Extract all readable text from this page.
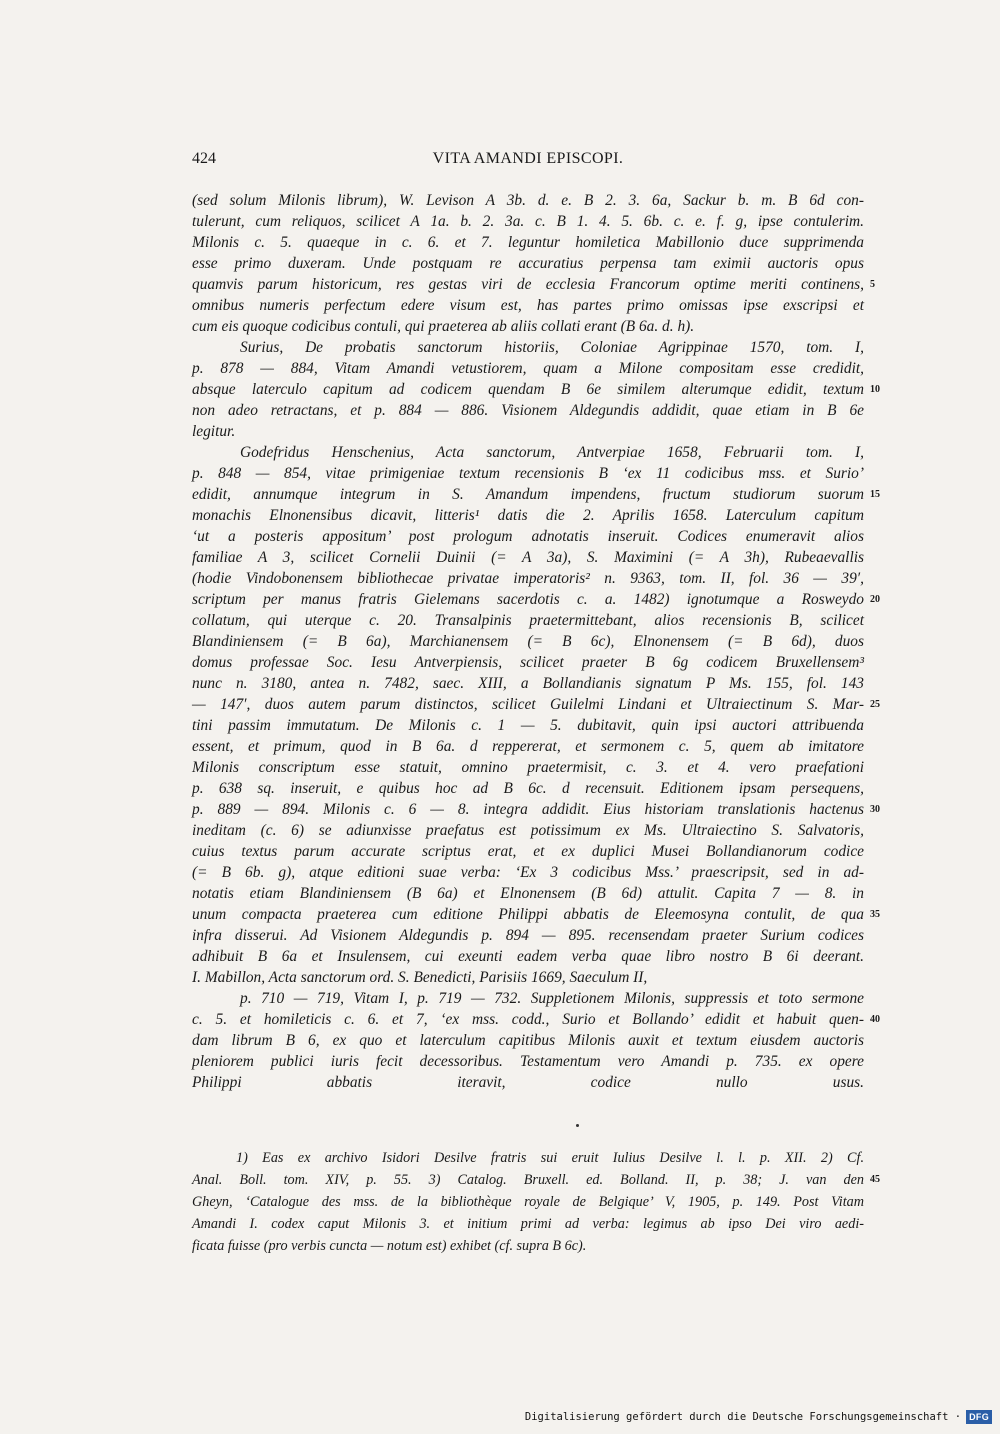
424	VITA AMANDI EPISCOPI.
(sed solum Milonis librum), W. Levison A 3b. d. e. B 2. 3. 6a, Sackur b. m. B 6d con-
tulerunt, cum reliquos, scilicet A 1a. b. 2. 3a. c. B 1. 4. 5. 6b. c. e. f. g, ipse contulerim.
Milonis c. 5. quaeque in c. 6. et 7. leguntur homiletica Mabillonio duce supprimenda
esse primo duxeram. Unde postquam re accuratius perpensa tam eximii auctoris opus
quamvis parum historicum, res gestas viri de ecclesia Francorum optime meriti continens,
omnibus numeris perfectum edere visum est, has partes primo omissas ipse exscripsi et
cum eis quoque codicibus contuli, qui praeterea ab aliis collati erant (B 6a. d. h).
Surius, De probatis sanctorum historiis, Coloniae Agrippinae 1570, tom. I,
p. 878 — 884, Vitam Amandi vetustiorem, quam a Milone compositam esse credidit,
absque laterculo capitum ad codicem quendam B 6e similem alterumque edidit, textum
non adeo retractans, et p. 884 — 886. Visionem Aldegundis addidit, quae etiam in B 6e
legitur.
Godefridus Henschenius, Acta sanctorum, Antverpiae 1658, Februarii tom. I,
p. 848 — 854, vitae primigeniae textum recensionis B ‘ex 11 codicibus mss. et Surio’
edidit, annumque integrum in S. Amandum impendens, fructum studiorum suorum
monachis Elnonensibus dicavit, litteris¹ datis die 2. Aprilis 1658. Laterculum capitum
‘ut a posteris appositum’ post prologum adnotatis inseruit. Codices enumeravit alios
familiae A 3, scilicet Cornelii Duinii (= A 3a), S. Maximini (= A 3h), Rubeaevallis
(hodie Vindobonensem bibliothecae privatae imperatoris² n. 9363, tom. II, fol. 36 — 39′,
scriptum per manus fratris Gielemans sacerdotis c. a. 1482) ignotumque a Rosweydo
collatum, qui uterque c. 20. Transalpinis praetermittebant, alios recensionis B, scilicet
Blandiniensem (= B 6a), Marchianensem (= B 6c), Elnonensem (= B 6d), duos
domus professae Soc. Iesu Antverpiensis, scilicet praeter B 6g codicem Bruxellensem³
nunc n. 3180, antea n. 7482, saec. XIII, a Bollandianis signatum P Ms. 155, fol. 143
— 147′, duos autem parum distinctos, scilicet Guilelmi Lindani et Ultraiectinum S. Mar-
tini passim immutatum. De Milonis c. 1 — 5. dubitavit, quin ipsi auctori attribuenda
essent, et primum, quod in B 6a. d reppererat, et sermonem c. 5, quem ab imitatore
Milonis conscriptum esse statuit, omnino praetermisit, c. 3. et 4. vero praefationi
p. 638 sq. inseruit, e quibus hoc ad B 6c. d recensuit. Editionem ipsam persequens,
p. 889 — 894. Milonis c. 6 — 8. integra addidit. Eius historiam translationis hactenus
ineditam (c. 6) se adiunxisse praefatus est potissimum ex Ms. Ultraiectino S. Salvatoris,
cuius textus parum accurate scriptus erat, et ex duplici Musei Bollandianorum codice
(= B 6b. g), atque editioni suae verba: ‘Ex 3 codicibus Mss.’ praescripsit, sed in ad-
notatis etiam Blandiniensem (B 6a) et Elnonensem (B 6d) attulit. Capita 7 — 8. in
unum compacta praeterea cum editione Philippi abbatis de Eleemosyna contulit, de qua
infra disserui. Ad Visionem Aldegundis p. 894 — 895. recensendam praeter Surium codices
adhibuit B 6a et Insulensem, cui exeunti eadem verba quae libro nostro B 6i deerant.
I. Mabillon, Acta sanctorum ord. S. Benedicti, Parisiis 1669, Saeculum II,
p. 710 — 719, Vitam I, p. 719 — 732. Suppletionem Milonis, suppressis et toto sermone
c. 5. et homileticis c. 6. et 7, ‘ex mss. codd., Surio et Bollando’ edidit et habuit quen-
dam librum B 6, ex quo et laterculum capitibus Milonis auxit et textum eiusdem auctoris
pleniorem publici iuris fecit decessoribus. Testamentum vero Amandi p. 735. ex opere
Philippi abbatis iteravit, codice nullo usus.
5
10
15
20
25
30
35
40
45
1) Eas ex archivo Isidori Desilve fratris sui eruit Iulius Desilve l. l. p. XII. 2) Cf.
Anal. Boll. tom. XIV, p. 55. 3) Catalog. Bruxell. ed. Bolland. II, p. 38; J. van den
Gheyn, ‘Catalogue des mss. de la bibliothèque royale de Belgique’ V, 1905, p. 149. Post Vitam
Amandi I. codex caput Milonis 3. et initium primi ad verba: legimus ab ipso Dei viro aedi-
ficata fuisse (pro verbis cuncta — notum est) exhibet (cf. supra B 6c).
Digitalisierung gefördert durch die Deutsche Forschungsgemeinschaft · DFG
